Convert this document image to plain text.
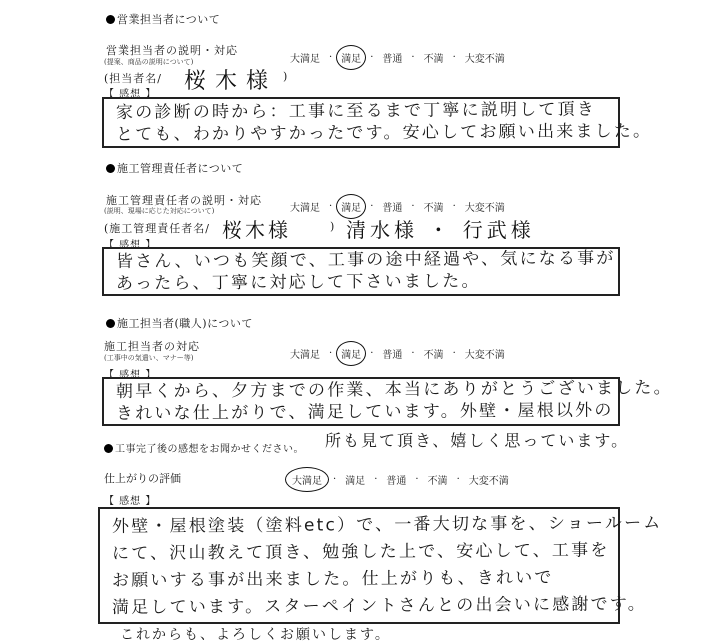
営業担当者について
営業担当者の説明・対応
(提案、商品の説明について)	大満足 · 満足 · 普通 · 不満 · 大変不満
(担当者名/ 桜木様 )
【 感想 】
家の診断の時から：工事に至るまで丁寧に説明して頂き
とても、わかりやすかったです。安心してお願い出来ました。
施工管理責任者について
施工管理責任者の説明・対応
(説明、現場に応じた対応について)	大満足 · 満足 · 普通 · 不満 · 大変不満
(施工管理責任者名/ 桜木様	) 清水様 ・ 行武様
【 感想 】
皆さん、いつも笑顔で、工事の途中経過や、気になる事が
あったら、丁寧に対応して下さいました。
施工担当者(職人)について
施工担当者の対応
(工事中の気遣い、マナー等)	大満足 · 満足 · 普通 · 不満 · 大変不満
【 感想 】
朝早くから、夕方までの作業、本当にありがとうございました。
きれいな仕上がりで、満足しています。外壁・屋根以外の
所も見て頂き、嬉しく思っています。
工事完了後の感想をお聞かせください。
仕上がりの評価	大満足	· 満足 · 普通 · 不満 · 大変不満
【 感想 】
外壁・屋根塗装（塗料etc）で、一番大切な事を、ショールーム
にて、沢山教えて頂き、勉強した上で、安心して、工事を
お願いする事が出来ました。仕上がりも、きれいで
満足しています。スターペイントさんとの出会いに感謝です。
これからも、よろしくお願いします。
